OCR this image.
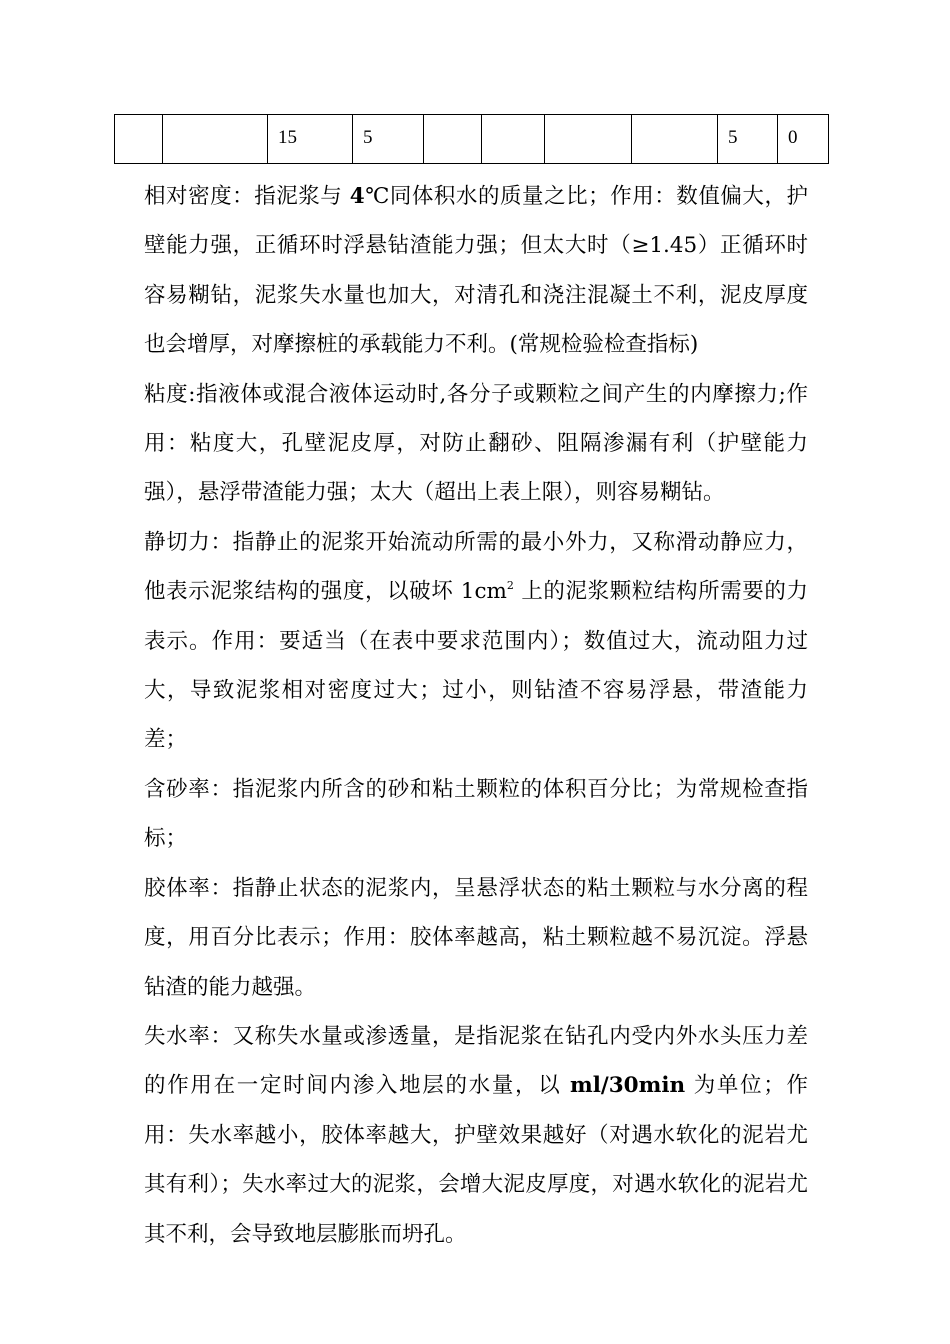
		15	5					5	0

相对密度：指泥浆与 4℃同体积水的质量之比；作用：数值偏大，护壁能力强，正循环时浮悬钻渣能力强；但太大时（≥1.45）正循环时容易糊钻，泥浆失水量也加大，对清孔和浇注混凝土不利，泥皮厚度也会增厚，对摩擦桩的承载能力不利。(常规检验检查指标)

粘度:指液体或混合液体运动时,各分子或颗粒之间产生的内摩擦力;作用：粘度大，孔壁泥皮厚，对防止翻砂、阻隔渗漏有利（护壁能力强），悬浮带渣能力强；太大（超出上表上限），则容易糊钻。

静切力：指静止的泥浆开始流动所需的最小外力，又称滑动静应力，他表示泥浆结构的强度，以破坏 $1cm^2$ 上的泥浆颗粒结构所需要的力表示。作用：要适当（在表中要求范围内）；数值过大，流动阻力过大，导致泥浆相对密度过大；过小，则钻渣不容易浮悬，带渣能力差；

含砂率：指泥浆内所含的砂和粘土颗粒的体积百分比；为常规检查指标；

胶体率：指静止状态的泥浆内，呈悬浮状态的粘土颗粒与水分离的程度，用百分比表示；作用：胶体率越高，粘土颗粒越不易沉淀。浮悬钻渣的能力越强。

失水率：又称失水量或渗透量，是指泥浆在钻孔内受内外水头压力差的作用在一定时间内渗入地层的水量，以 ml/30min 为单位；作用：失水率越小，胶体率越大，护壁效果越好（对遇水软化的泥岩尤其有利）；失水率过大的泥浆，会增大泥皮厚度，对遇水软化的泥岩尤其不利，会导致地层膨胀而坍孔。
